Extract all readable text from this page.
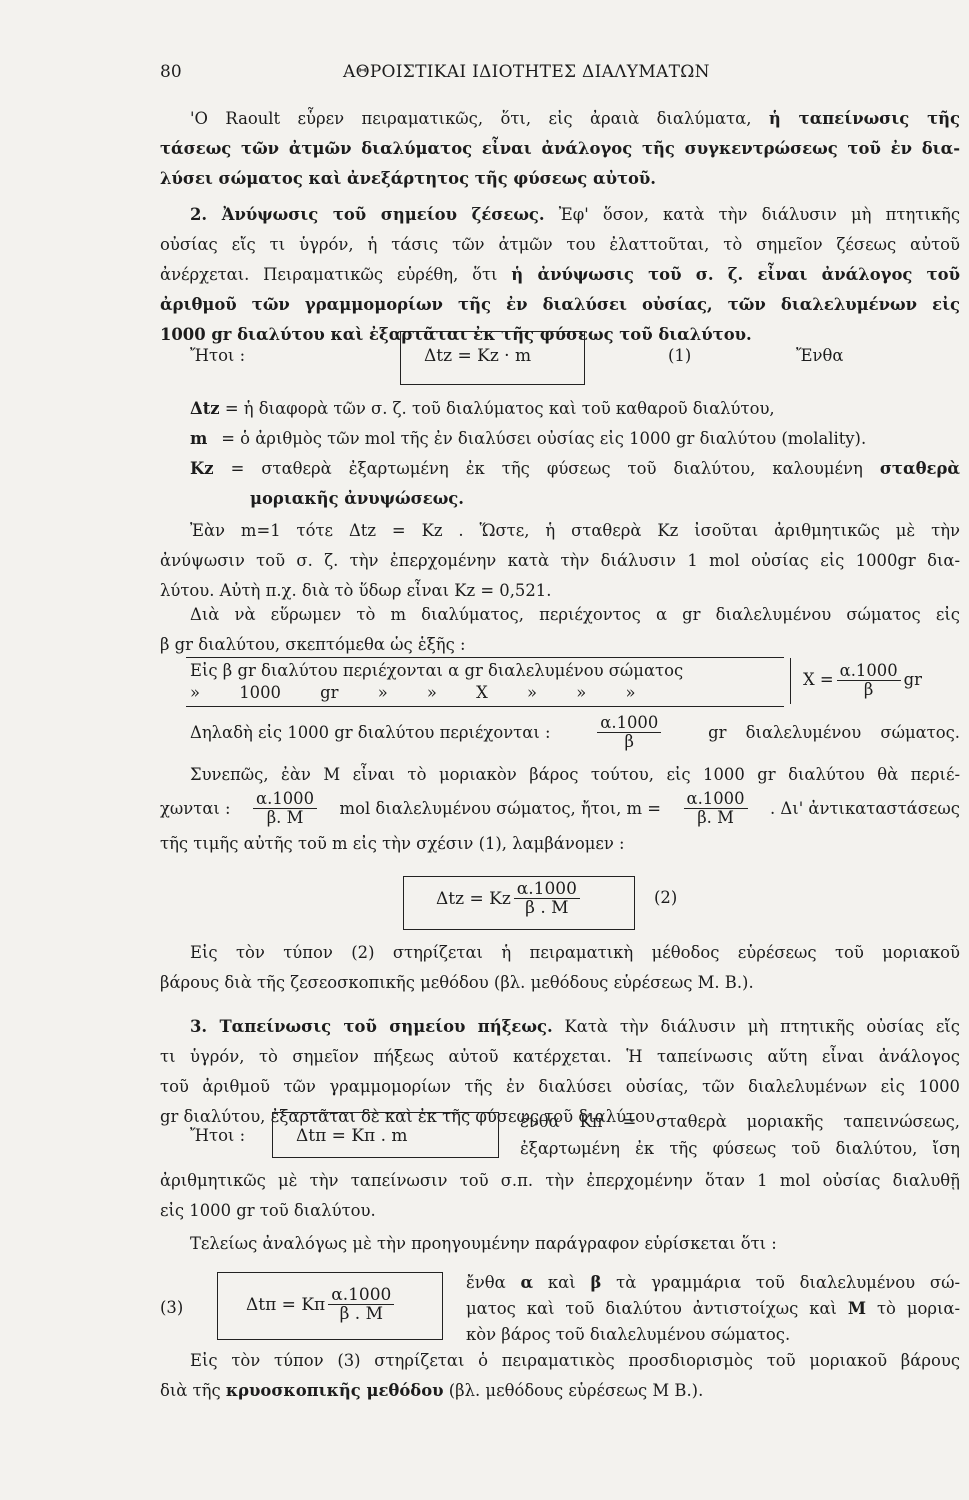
80	ΑΘΡΟΙΣΤΙΚΑΙ ΙΔΙΟΤΗΤΕΣ ΔΙΑΛΥΜΑΤΩΝ
'Ο Raoult εὗρεν πειραματικῶς, ὅτι, εἰς ἀραιὰ διαλύματα, ἡ ταπείνωσις τῆς
τάσεως τῶν ἀτμῶν διαλύματος εἶναι ἀνάλογος τῆς συγκεντρώσεως τοῦ ἐν δια-
λύσει σώματος καὶ ἀνεξάρτητος τῆς φύσεως αὐτοῦ.
2. Ἀνύψωσις τοῦ σημείου ζέσεως. Ἐφ' ὅσον, κατὰ τὴν διάλυσιν μὴ πτητικῆς
οὐσίας εἴς τι ὑγρόν, ἡ τάσις τῶν ἀτμῶν του ἐλαττοῦται, τὸ σημεῖον ζέσεως αὐτοῦ
ἀνέρχεται. Πειραματικῶς εὑρέθη, ὅτι ἡ ἀνύψωσις τοῦ σ. ζ. εἶναι ἀνάλογος τοῦ
ἀριθμοῦ τῶν γραμμομορίων τῆς ἐν διαλύσει οὐσίας, τῶν διαλελυμένων εἰς
1000 gr διαλύτου καὶ ἐξαρτᾶται ἐκ τῆς φύσεως τοῦ διαλύτου.
Ἤτοι :	Δtz = Kz · m	(1)	Ἔνθα
Δtz = ἡ διαφορὰ τῶν σ. ζ. τοῦ διαλύματος καὶ τοῦ καθαροῦ διαλύτου,
m = ὁ ἀριθμὸς τῶν mol τῆς ἐν διαλύσει οὐσίας εἰς 1000 gr διαλύτου (molality).
Kz = σταθερὰ ἐξαρτωμένη ἐκ τῆς φύσεως τοῦ διαλύτου, καλουμένη σταθερὰ
μοριακῆς ἀνυψώσεως.
Ἐὰν m=1 τότε Δtz = Kz . Ὥστε, ἡ σταθερὰ Kz ἰσοῦται ἀριθμητικῶς μὲ τὴν
ἀνύψωσιν τοῦ σ. ζ. τὴν ἐπερχομένην κατὰ τὴν διάλυσιν 1 mol οὐσίας εἰς 1000gr δια-
λύτου. Αὐτὴ π.χ. διὰ τὸ ὕδωρ εἶναι Kz = 0,521.
Διὰ νὰ εὕρωμεν τὸ m διαλύματος, περιέχοντος α gr διαλελυμένου σώματος εἰς
β gr διαλύτου, σκεπτόμεθα ὡς ἑξῆς :
Εἰς β gr διαλύτου περιέχονται α gr διαλελυμένου σώματος
» 1000 gr » » X » » »
$X = \frac{\alpha.1000}{\beta}$ gr
Δηλαδὴ εἰς 1000 gr διαλύτου περιέχονται :	$\frac{\alpha.1000}{\beta}$	gr διαλελυμένου σώματος.
Συνεπῶς, ἐὰν Μ εἶναι τὸ μοριακὸν βάρος τούτου, εἰς 1000 gr διαλύτου θὰ περιέ-
χωνται : $\frac{\alpha.1000}{\beta. M}$ mol διαλελυμένου σώματος, ἤτοι, $m = \frac{\alpha.1000}{\beta. M}$ . Δι' ἀντικαταστάσεως
τῆς τιμῆς αὐτῆς τοῦ m εἰς τὴν σχέσιν (1), λαμβάνομεν :
Δtz = Kz $\frac{\alpha.1000}{\beta . M}$	(2)
Εἰς τὸν τύπον (2) στηρίζεται ἡ πειραματικὴ μέθοδος εὑρέσεως τοῦ μοριακοῦ
βάρους διὰ τῆς ζεσεοσκοπικῆς μεθόδου (βλ. μεθόδους εὑρέσεως Μ. Β.).
3. Ταπείνωσις τοῦ σημείου πήξεως. Κατὰ τὴν διάλυσιν μὴ πτητικῆς οὐσίας εἴς
τι ὑγρόν, τὸ σημεῖον πήξεως αὐτοῦ κατέρχεται. Ἡ ταπείνωσις αὕτη εἶναι ἀνάλογος
τοῦ ἀριθμοῦ τῶν γραμμομορίων τῆς ἐν διαλύσει οὐσίας, τῶν διαλελυμένων εἰς 1000
gr διαλύτου, ἐξαρτᾶται δὲ καὶ ἐκ τῆς φύσεως τοῦ διαλύτου.
Ἤτοι :	Δtπ = Kπ . m
ἔνθα Kπ = σταθερὰ μοριακῆς ταπεινώσεως,
ἐξαρτωμένη ἐκ τῆς φύσεως τοῦ διαλύτου, ἴση
ἀριθμητικῶς μὲ τὴν ταπείνωσιν τοῦ σ.π. τὴν ἐπερχομένην ὅταν 1 mol οὐσίας διαλυθῇ
εἰς 1000 gr τοῦ διαλύτου.
Τελείως ἀναλόγως μὲ τὴν προηγουμένην παράγραφον εὑρίσκεται ὅτι :
(3)	Δtπ = Kπ $\frac{\alpha.1000}{\beta . M}$
ἔνθα α καὶ β τὰ γραμμάρια τοῦ διαλελυμένου σώ-
ματος καὶ τοῦ διαλύτου ἀντιστοίχως καὶ Μ τὸ μορια-
κὸν βάρος τοῦ διαλελυμένου σώματος.
Εἰς τὸν τύπον (3) στηρίζεται ὁ πειραματικὸς προσδιορισμὸς τοῦ μοριακοῦ βάρους
διὰ τῆς κρυοσκοπικῆς μεθόδου (βλ. μεθόδους εὑρέσεως Μ Β.).
